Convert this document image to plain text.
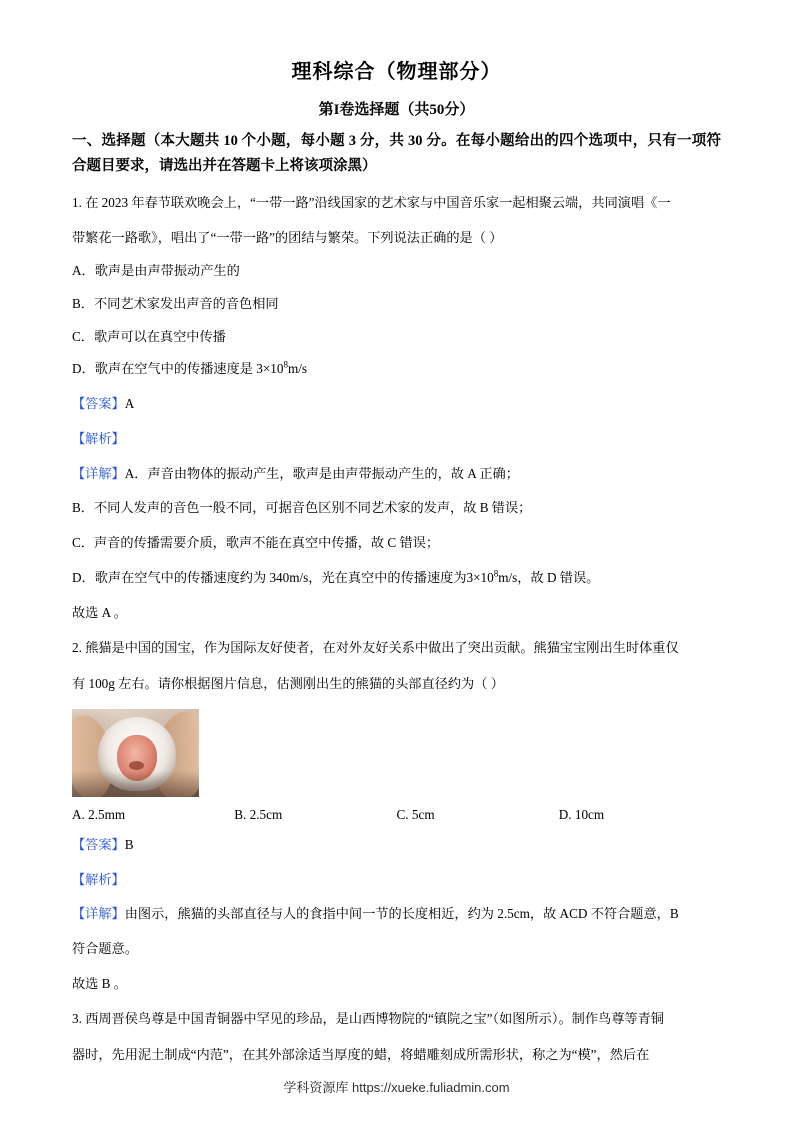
理科综合（物理部分）
第I卷选择题（共50分）
一、选择题（本大题共 10 个小题，每小题 3 分，共 30 分。在每小题给出的四个选项中，只有一项符合题目要求，请选出并在答题卡上将该项涂黑）
1. 在 2023 年春节联欢晚会上，“一带一路”沿线国家的艺术家与中国音乐家一起相聚云端，共同演唱《一
带繁花一路歌》，唱出了“一带一路”的团结与繁荣。下列说法正确的是（ ）
A．歌声是由声带振动产生的
B．不同艺术家发出声音的音色相同
C．歌声可以在真空中传播
D．歌声在空气中的传播速度是 $3\times 10^8m/s$
【答案】A
【解析】
【详解】A．声音由物体的振动产生，歌声是由声带振动产生的，故 A 正确；
B．不同人发声的音色一般不同，可据音色区别不同艺术家的发声，故 B 错误；
C．声音的传播需要介质，歌声不能在真空中传播，故 C 错误；
D．歌声在空气中的传播速度约为 340m/s，光在真空中的传播速度为$3\times 10^8m/s$，故 D 错误。
故选 A 。
2. 熊猫是中国的国宝，作为国际友好使者，在对外友好关系中做出了突出贡献。熊猫宝宝刚出生时体重仅
有 100g 左右。请你根据图片信息，估测刚出生的熊猫的头部直径约为（ ）
A. 2.5mm	B. 2.5cm	C. 5cm	D. 10cm
【答案】B
【解析】
【详解】由图示，熊猫的头部直径与人的食指中间一节的长度相近，约为 2.5cm，故 ACD 不符合题意，B
符合题意。
故选 B 。
3. 西周晋侯鸟尊是中国青铜器中罕见的珍品，是山西博物院的“镇院之宝”（如图所示）。制作鸟尊等青铜
器时，先用泥土制成“内范”，在其外部涂适当厚度的蜡，将蜡雕刻成所需形状，称之为“模”，然后在
学科资源库 https://xueke.fuliadmin.com
